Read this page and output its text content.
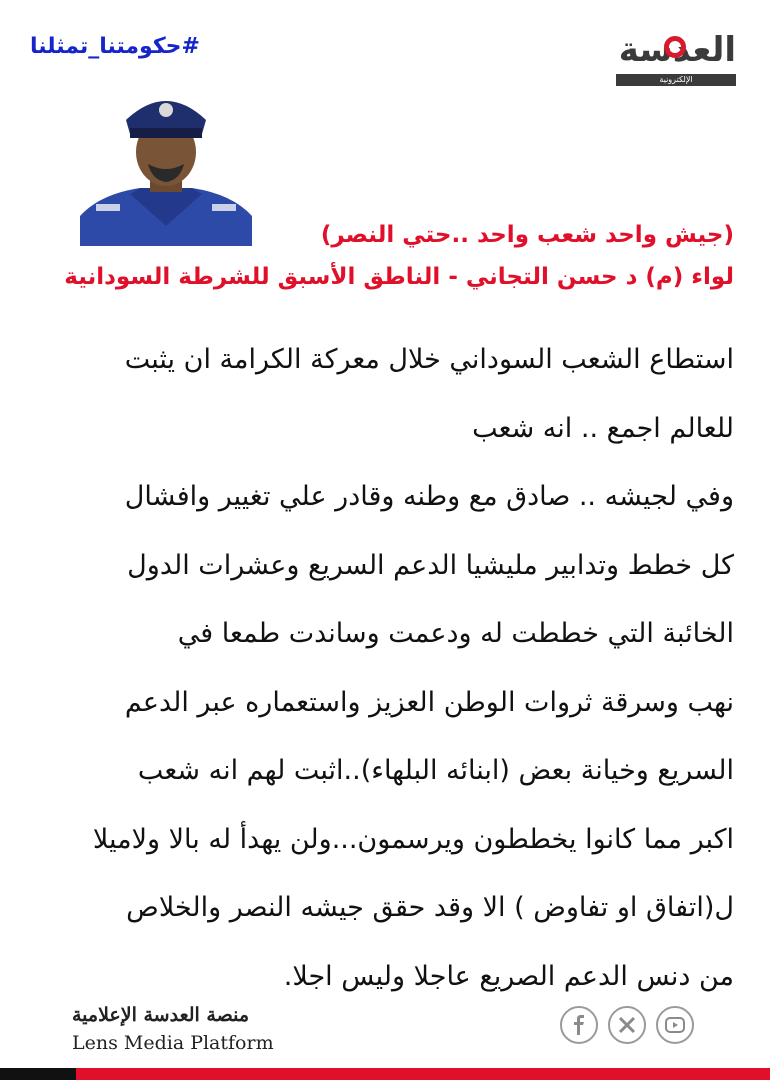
#حكومتنا_تمثلنا	العدسة
الإلكترونية
(جيش واحد شعب واحد ..حتي النصر)
لواء (م) د حسن التجاني - الناطق الأسبق للشرطة السودانية
استطاع الشعب السوداني خلال معركة الكرامة ان يثبت
للعالم اجمع .. انه شعب
وفي لجيشه .. صادق مع وطنه وقادر علي تغيير وافشال
كل خطط وتدابير مليشيا الدعم السريع وعشرات الدول
الخائبة التي خططت له ودعمت وساندت طمعا في
نهب وسرقة ثروات الوطن العزيز واستعماره عبر الدعم
السريع وخيانة بعض (ابنائه البلهاء)..اثبت لهم انه شعب
اكبر مما كانوا يخططون ويرسمون...ولن يهدأ له بالا ولاميلا
ل(اتفاق او تفاوض ) الا وقد حقق جيشه النصر والخلاص
من دنس الدعم الصريع عاجلا وليس اجلا.
منصة العدسة الإعلامية
Lens Media Platform
